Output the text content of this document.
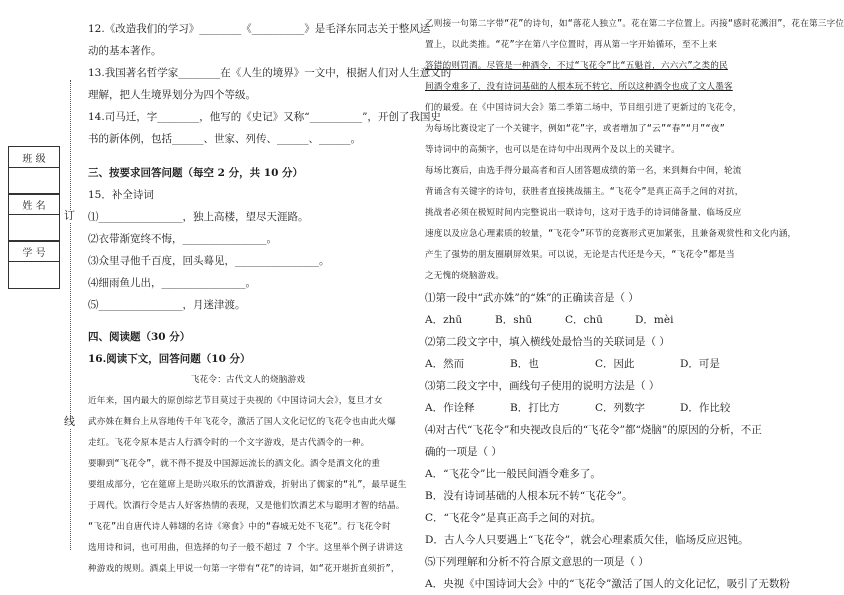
班 级

姓 名

学 号

订
线
12.《改造我们的学习》________《__________》是毛泽东同志关于整风运
动的基本著作。
13.我国著名哲学家________在《人生的境界》一文中，根据人们对人生意义的
理解，把人生境界划分为四个等级。
14.司马迁，字________，他写的《史记》又称“__________”，开创了我国史
书的新体例，包括______、世家、列传、______、______。
三、按要求回答问题（每空 2 分，共 10 分）
15．补全诗词
⑴________________，独上高楼，望尽天涯路。
⑵衣带渐宽终不悔，________________。
⑶众里寻他千百度，回头蓦见，________________。
⑷细雨鱼儿出，________________。
⑸________________，月迷津渡。
四、阅读题（30 分）
16.阅读下文，回答问题（10 分）
飞花令：古代文人的烧脑游戏
近年来，国内最大的原创综艺节目莫过于央视的《中国诗词大会》，复旦才女
武亦姝在舞台上从容地传千年飞花令，激活了国人文化记忆的飞花令也由此火爆
走红。飞花令原本是古人行酒令时的一个文字游戏，是古代酒令的一种。
要聊到“飞花令”，就不得不提及中国源远流长的酒文化。酒令是酒文化的重
要组成部分，它在筵席上是助兴取乐的饮酒游戏，折射出了儒家的“礼”，最早诞生
于周代。饮酒行令是古人好客热情的表现，又是他们饮酒艺术与聪明才智的结晶。
“飞花”出自唐代诗人韩翃的名诗《寒食》中的“春城无处不飞花”。行飞花令时
选用诗和词，也可用曲，但选择的句子一般不超过 7 个字。这里举个例子讲讲这
种游戏的规则。酒桌上甲说一句第一字带有“花”的诗词，如“花开堪折直须折”，
乙则接一句第二字带“花”的诗句，如“落花人独立”。花在第二字位置上。丙接“感时花溅泪”，花在第三字位
置上，以此类推。“花”字在第八字位置时，再从第一字开始循环，至不上来
答错的则罚酒。尽管是一种酒令，不过“飞花令”比“五魁首，六六六”之类的民
间酒令难多了，没有诗词基础的人根本玩不转它，所以这种酒令也成了文人墨客
们的最爱。在《中国诗词大会》第二季第二场中，节目组引进了更新过的飞花令，
为每场比赛设定了一个关键字，例如“花”字，或者增加了“云”“春”“月”“夜”
等诗词中的高频字，也可以是在诗句中出现两个及以上的关键字。
每场比赛后，由选手得分最高者和百人团答题成绩的第一名，来到舞台中间，轮流
背诵含有关键字的诗句，获胜者直接挑战擂主。“飞花令”是真正高手之间的对抗，
挑战者必须在极短时间内完整说出一联诗句，这对于选手的诗词储备量、临场反应
速度以及应急心理素质的较量，“飞花令”环节的竞赛形式更加紧张，且兼备观赏性和文化内涵，
产生了强势的朋友圈刷屏效果。可以说，无论是古代还是今天，“飞花令”都是当
之无愧的烧脑游戏。
⑴第一段中“武亦姝”的“姝”的正确读音是（ ）
A．zhū	B．shū	C．chū	D．mèi
⑵第二段文字中，填入横线处最恰当的关联词是（ ）
A．然而	B．也	C．因此	D．可是
⑶第二段文字中，画线句子使用的说明方法是（ ）
A．作诠释	B．打比方	C．列数字	D．作比较
⑷对古代“飞花令”和央视改良后的“飞花令”都“烧脑”的原因的分析，不正
确的一项是（ ）
A．“飞花令”比一般民间酒令难多了。
B．没有诗词基础的人根本玩不转“飞花令”。
C．“飞花令”是真正高手之间的对抗。
D．古人今人只要遇上“飞花令”，就会心理素质欠佳，临场反应迟钝。
⑸下列理解和分析不符合原文意思的一项是（ ）
A．央视《中国诗词大会》中的“飞花令”激活了国人的文化记忆，吸引了无数粉
